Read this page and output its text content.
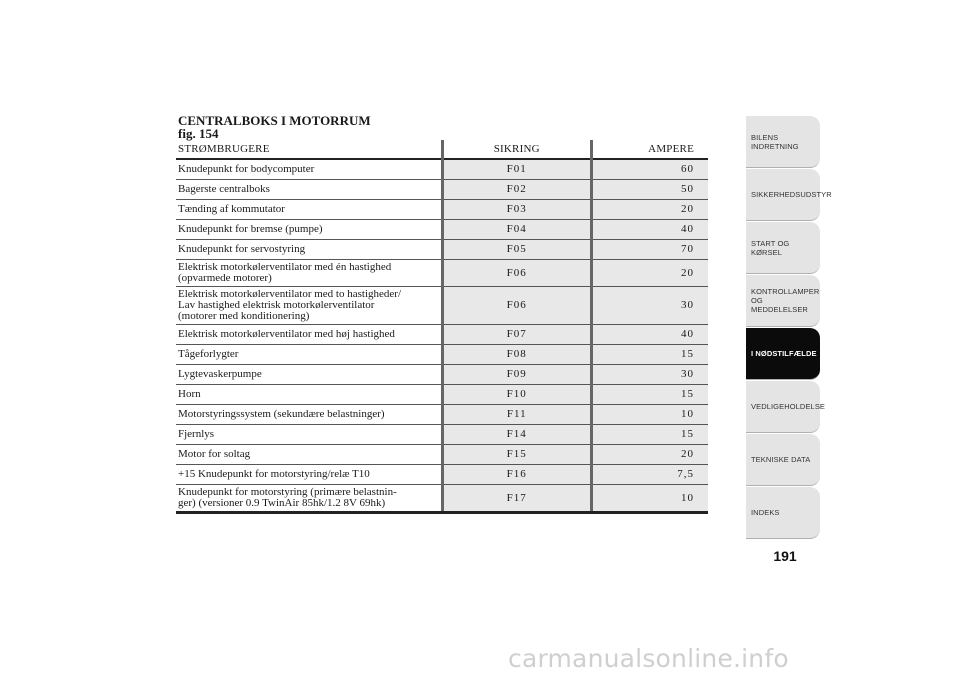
CENTRALBOKS I MOTORRUM
fig. 154
STRØMBRUGERE	SIKRING	AMPERE

Knudepunkt for bodycomputer	F01	60

Bagerste centralboks	F02	50

Tænding af kommutator	F03	20

Knudepunkt for bremse (pumpe)	F04	40

Knudepunkt for servostyring	F05	70

Elektrisk motorkølerventilator med én hastighed
(opvarmede motorer)	F06	20

Elektrisk motorkølerventilator med to hastigheder/
Lav hastighed elektrisk motorkølerventilator
(motorer med konditionering)	F06	30

Elektrisk motorkølerventilator med høj hastighed	F07	40

Tågeforlygter	F08	15

Lygtevaskerpumpe	F09	30

Horn	F10	15

Motorstyringssystem (sekundære belastninger)	F11	10

Fjernlys	F14	15

Motor for soltag	F15	20

+15 Knudepunkt for motorstyring/relæ T10	F16	7,5

Knudepunkt for motorstyring (primære belastnin-
ger) (versioner 0.9 TwinAir 85hk/1.2 8V 69hk)	F17	10
BILENS
INDRETNING
SIKKERHEDSUDSTYR
START OG KØRSEL
KONTROLLAMPER
OG MEDDELELSER
I NØDSTILFÆLDE
VEDLIGEHOLDELSE
TEKNISKE DATA
INDEKS
191
carmanualsonline.info
